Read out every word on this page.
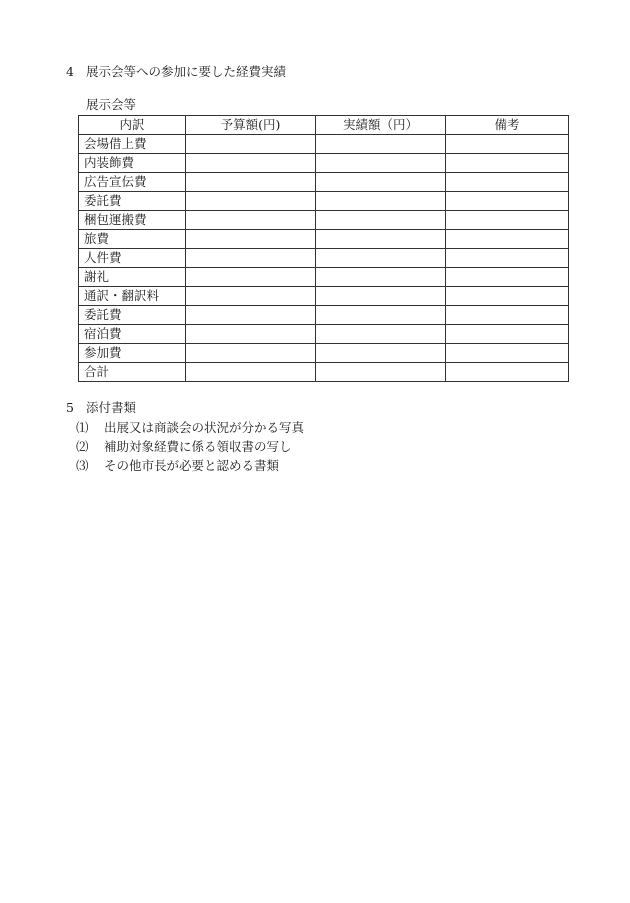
4 展示会等への参加に要した経費実績
展示会等
内訳	予算額(円)	実績額（円）	備考
会場借上費			
内装飾費			
広告宣伝費			
委託費			
梱包運搬費			
旅費			
人件費			
謝礼			
通訳・翻訳料			
委託費			
宿泊費			
参加費			
合計			
5 添付書類
⑴ 出展又は商談会の状況が分かる写真
⑵ 補助対象経費に係る領収書の写し
⑶ その他市長が必要と認める書類
